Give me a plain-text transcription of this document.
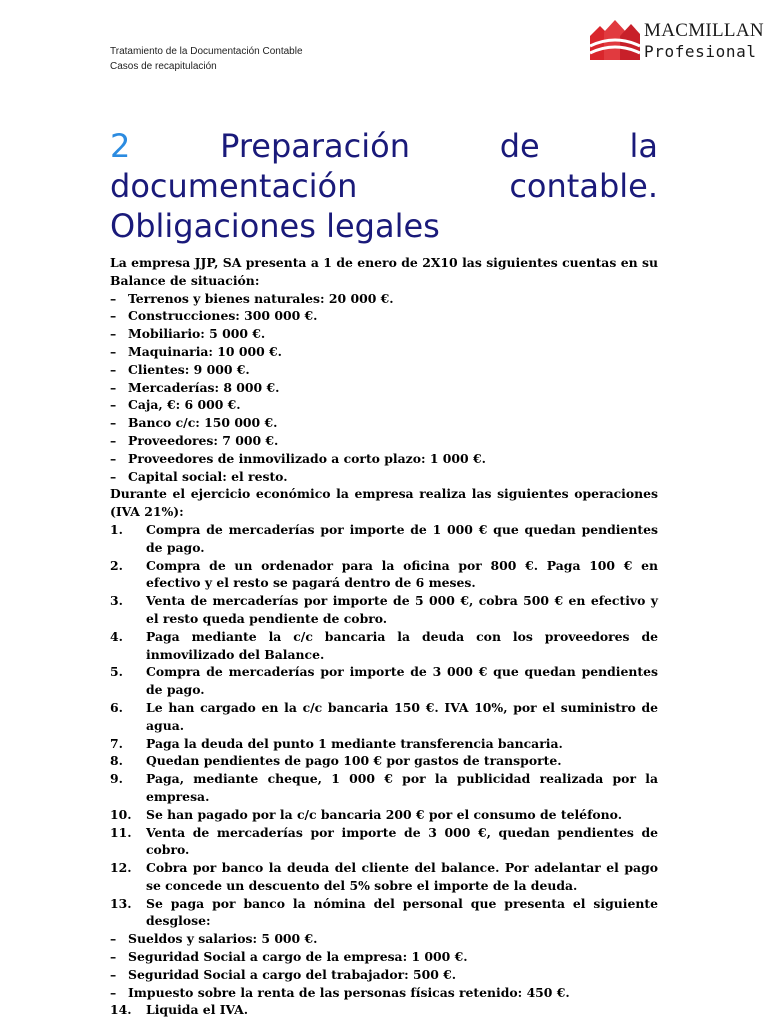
Tratamiento de la Documentación Contable
Casos de recapitulación
MACMILLAN
Profesional
2	Preparación	de	la
documentación	contable.
Obligaciones legales

La empresa JJP, SA presenta a 1 de enero de 2X10 las siguientes cuentas en su Balance de situación:

– Terrenos y bienes naturales: 20 000 €.
– Construcciones: 300 000 €.
– Mobiliario: 5 000 €.
– Maquinaria: 10 000 €.
– Clientes: 9 000 €.
– Mercaderías: 8 000 €.
– Caja, €: 6 000 €.
– Banco c/c: 150 000 €.
– Proveedores: 7 000 €.
– Proveedores de inmovilizado a corto plazo: 1 000 €.
– Capital social: el resto.

Durante el ejercicio económico la empresa realiza las siguientes operaciones (IVA 21%):

1. Compra de mercaderías por importe de 1 000 € que quedan pendientes de pago.
2. Compra de un ordenador para la oficina por 800 €. Paga 100 € en efectivo y el resto se pagará dentro de 6 meses.
3. Venta de mercaderías por importe de 5 000 €, cobra 500 € en efectivo y el resto queda pendiente de cobro.
4. Paga mediante la c/c bancaria la deuda con los proveedores de inmovilizado del Balance.
5. Compra de mercaderías por importe de 3 000 € que quedan pendientes de pago.
6. Le han cargado en la c/c bancaria 150 €. IVA 10%, por el suministro de agua.
7. Paga la deuda del punto 1 mediante transferencia bancaria.
8. Quedan pendientes de pago 100 € por gastos de transporte.
9. Paga, mediante cheque, 1 000 € por la publicidad realizada por la empresa.
10. Se han pagado por la c/c bancaria 200 € por el consumo de teléfono.
11. Venta de mercaderías por importe de 3 000 €, quedan pendientes de cobro.
12. Cobra por banco la deuda del cliente del balance. Por adelantar el pago se concede un descuento del 5% sobre el importe de la deuda.
13. Se paga por banco la nómina del personal que presenta el siguiente desglose:
– Sueldos y salarios: 5 000 €.
– Seguridad Social a cargo de la empresa: 1 000 €.
– Seguridad Social a cargo del trabajador: 500 €.
– Impuesto sobre la renta de las personas físicas retenido: 450 €.
14. Liquida el IVA.
